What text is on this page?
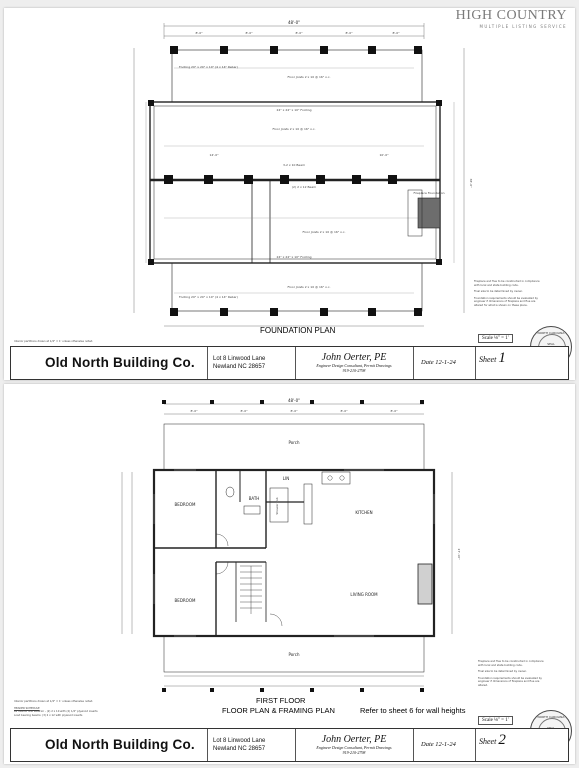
HIGH COUNTRY
MULTIPLE LISTING SERVICE
48'-0"
8'-0"	8'-0"	8'-0"	8'-0"	8'-0"
38'-0"
14'-0"	10'-0"
Footing 20" x 20" x 10" (4 x 14" Rebar)
Footing 20" x 20" x 10" (4 x 14" Rebar)
Floor Joists 2 x 10 @ 16" o.c.
Floor Joists 2 x 10 @ 16" o.c.
Floor Joists 2 x 10 @ 16" o.c.
Floor Joists 2 x 10 @ 16" o.c.
3-2 x 10 Beam
24" x 24" x 10" Footing
24" x 24" x 10" Footing
(2) 2 x 12 Beam
Fireplace Foundation
Interior partitions drawn at 1/4" = 1' unless otherwise noted.
Fireplace and flue to be constructed in compliance with local and state building code.
Final size to be determined by owner.
Foundation requirements should be evaluated by engineer if dimensions of fireplace and flue are altered for what is shown on these plans.
FOUNDATION PLAN
Scale ⅛" = 1'
NORTH CAROLINA
SEAL
Old North Building Co.	Lot 8 Linwood Lane
Newland NC 28657
John Oerter, PE
Engineer Design Consultant, Permit Drawings
919-210-2798
Date 12-1-24	Sheet 1
48'-0"
8'-0"	8'-0"	8'-0"	8'-0"	8'-0"
27'-10"
Porch
Porch
BEDROOM
BEDROOM
BATH
LIN
KITCHEN
LIVING ROOM
Shower Tub
Interior partitions drawn at 1/4" = 1' unless otherwise noted.
HEADER SCHEDULE
All interior and exterior - (2) 2 x 10 with (2) 1/2" plywood inserts
Load bearing beams: (3) 2 x 12 with plywood inserts
Fireplace and flue to be constructed in compliance with local and state building code.
Final size to be determined by owner.
Foundation requirements should be evaluated by engineer if dimensions of fireplace and flue are altered.
FIRST FLOOR
FLOOR PLAN & FRAMING PLAN	Refer to sheet 6 for wall heights
Scale ⅛" = 1'
NORTH CAROLINA
Old North Building Co.	Lot 8 Linwood Lane
Newland NC 28657
John Oerter, PE
Engineer Design Consultant, Permit Drawings
919-210-2798
Date 12-1-24	Sheet 2
